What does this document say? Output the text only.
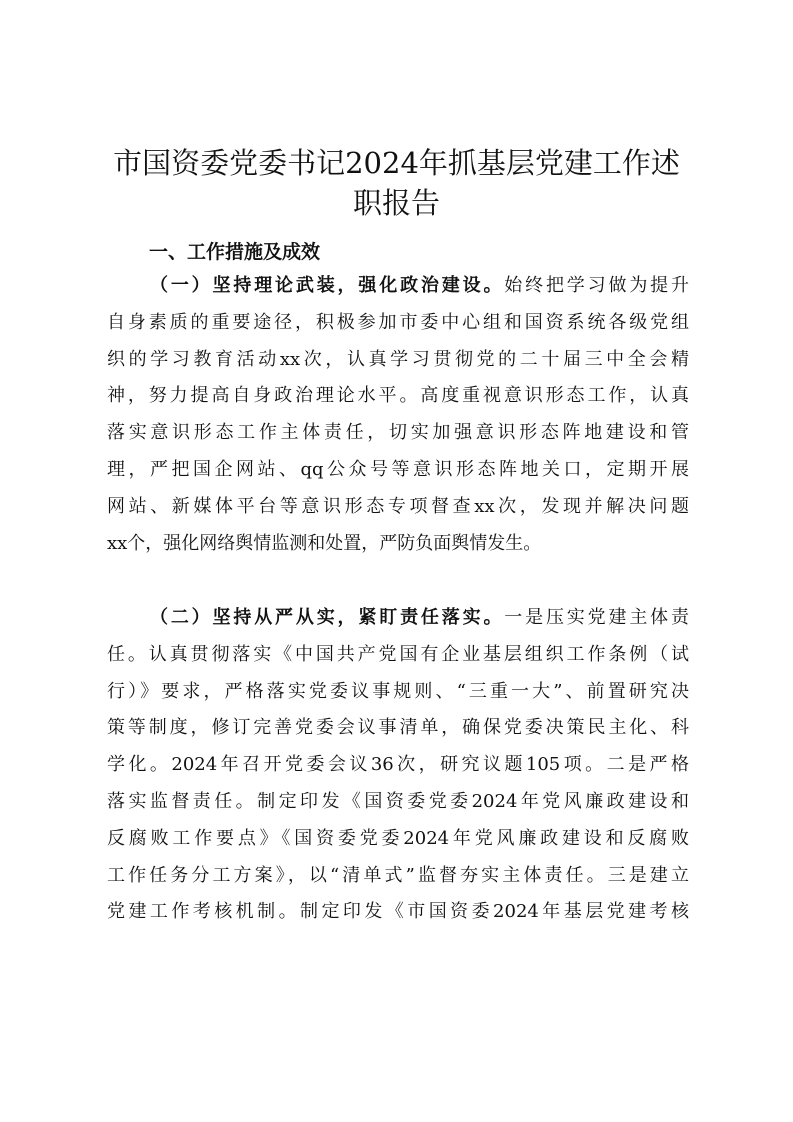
市国资委党委书记2024年抓基层党建工作述
职报告
一、工作措施及成效
（一）坚持理论武装，强化政治建设。始终把学习做为提升
自身素质的重要途径，积极参加市委中心组和国资系统各级党组
织的学习教育活动xx次，认真学习贯彻党的二十届三中全会精
神，努力提高自身政治理论水平。高度重视意识形态工作，认真
落实意识形态工作主体责任，切实加强意识形态阵地建设和管
理，严把国企网站、qq公众号等意识形态阵地关口，定期开展
网站、新媒体平台等意识形态专项督查xx次，发现并解决问题
xx个，强化网络舆情监测和处置，严防负面舆情发生。
（二）坚持从严从实，紧盯责任落实。一是压实党建主体责
任。认真贯彻落实《中国共产党国有企业基层组织工作条例（试
行）》要求，严格落实党委议事规则、“三重一大”、前置研究决
策等制度，修订完善党委会议事清单，确保党委决策民主化、科
学化。2024年召开党委会议36次，研究议题105项。二是严格
落实监督责任。制定印发《国资委党委2024年党风廉政建设和
反腐败工作要点》《国资委党委2024年党风廉政建设和反腐败
工作任务分工方案》，以“清单式”监督夯实主体责任。三是建立
党建工作考核机制。制定印发《市国资委2024年基层党建考核
